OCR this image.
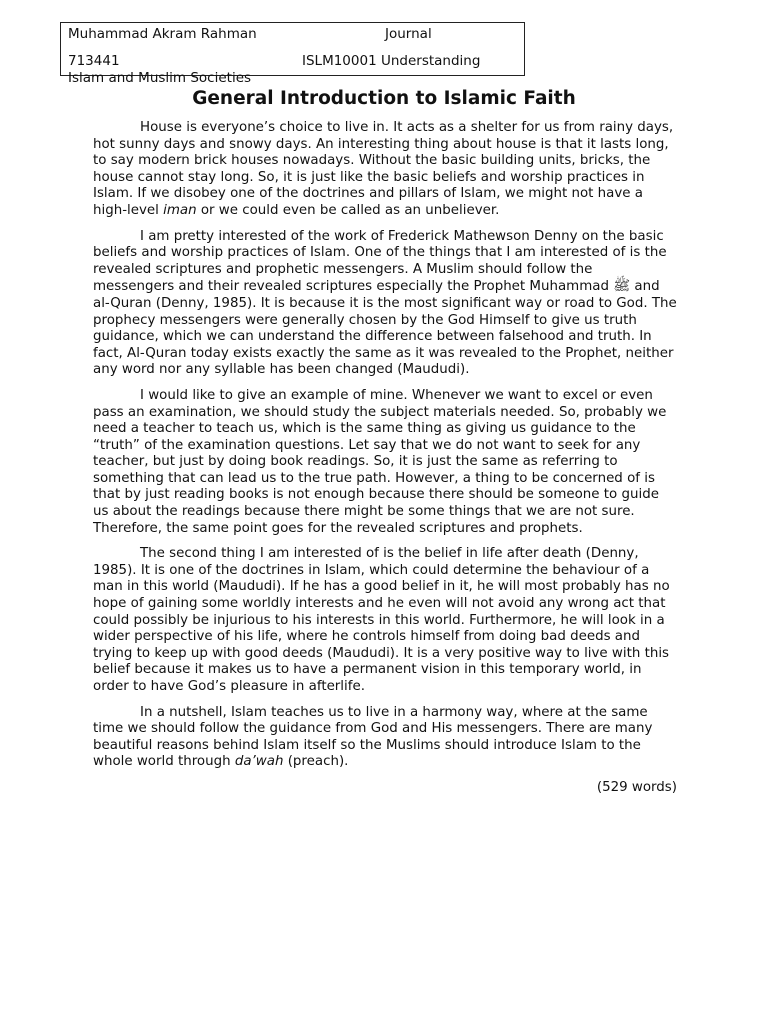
Muhammad Akram Rahman	Journal
713441	ISLM10001 Understanding
Islam and Muslim Societies
General Introduction to Islamic Faith

House is everyone’s choice to live in. It acts as a shelter for us from rainy days, hot sunny days and snowy days. An interesting thing about house is that it lasts long, to say modern brick houses nowadays. Without the basic building units, bricks, the house cannot stay long. So, it is just like the basic beliefs and worship practices in Islam. If we disobey one of the doctrines and pillars of Islam, we might not have a high-level iman or we could even be called as an unbeliever.

I am pretty interested of the work of Frederick Mathewson Denny on the basic beliefs and worship practices of Islam. One of the things that I am interested of is the revealed scriptures and prophetic messengers. A Muslim should follow the messengers and their revealed scriptures especially the Prophet Muhammad ﷺ and al-Quran (Denny, 1985). It is because it is the most significant way or road to God. The prophecy messengers were generally chosen by the God Himself to give us truth guidance, which we can understand the difference between falsehood and truth. In fact, Al-Quran today exists exactly the same as it was revealed to the Prophet, neither any word nor any syllable has been changed (Maududi).

I would like to give an example of mine. Whenever we want to excel or even pass an examination, we should study the subject materials needed. So, probably we need a teacher to teach us, which is the same thing as giving us guidance to the “truth” of the examination questions. Let say that we do not want to seek for any teacher, but just by doing book readings. So, it is just the same as referring to something that can lead us to the true path. However, a thing to be concerned of is that by just reading books is not enough because there should be someone to guide us about the readings because there might be some things that we are not sure. Therefore, the same point goes for the revealed scriptures and prophets.

The second thing I am interested of is the belief in life after death (Denny, 1985). It is one of the doctrines in Islam, which could determine the behaviour of a man in this world (Maududi). If he has a good belief in it, he will most probably has no hope of gaining some worldly interests and he even will not avoid any wrong act that could possibly be injurious to his interests in this world. Furthermore, he will look in a wider perspective of his life, where he controls himself from doing bad deeds and trying to keep up with good deeds (Maududi). It is a very positive way to live with this belief because it makes us to have a permanent vision in this temporary world, in order to have God’s pleasure in afterlife.

In a nutshell, Islam teaches us to live in a harmony way, where at the same time we should follow the guidance from God and His messengers. There are many beautiful reasons behind Islam itself so the Muslims should introduce Islam to the whole world through da’wah (preach).

(529 words)
